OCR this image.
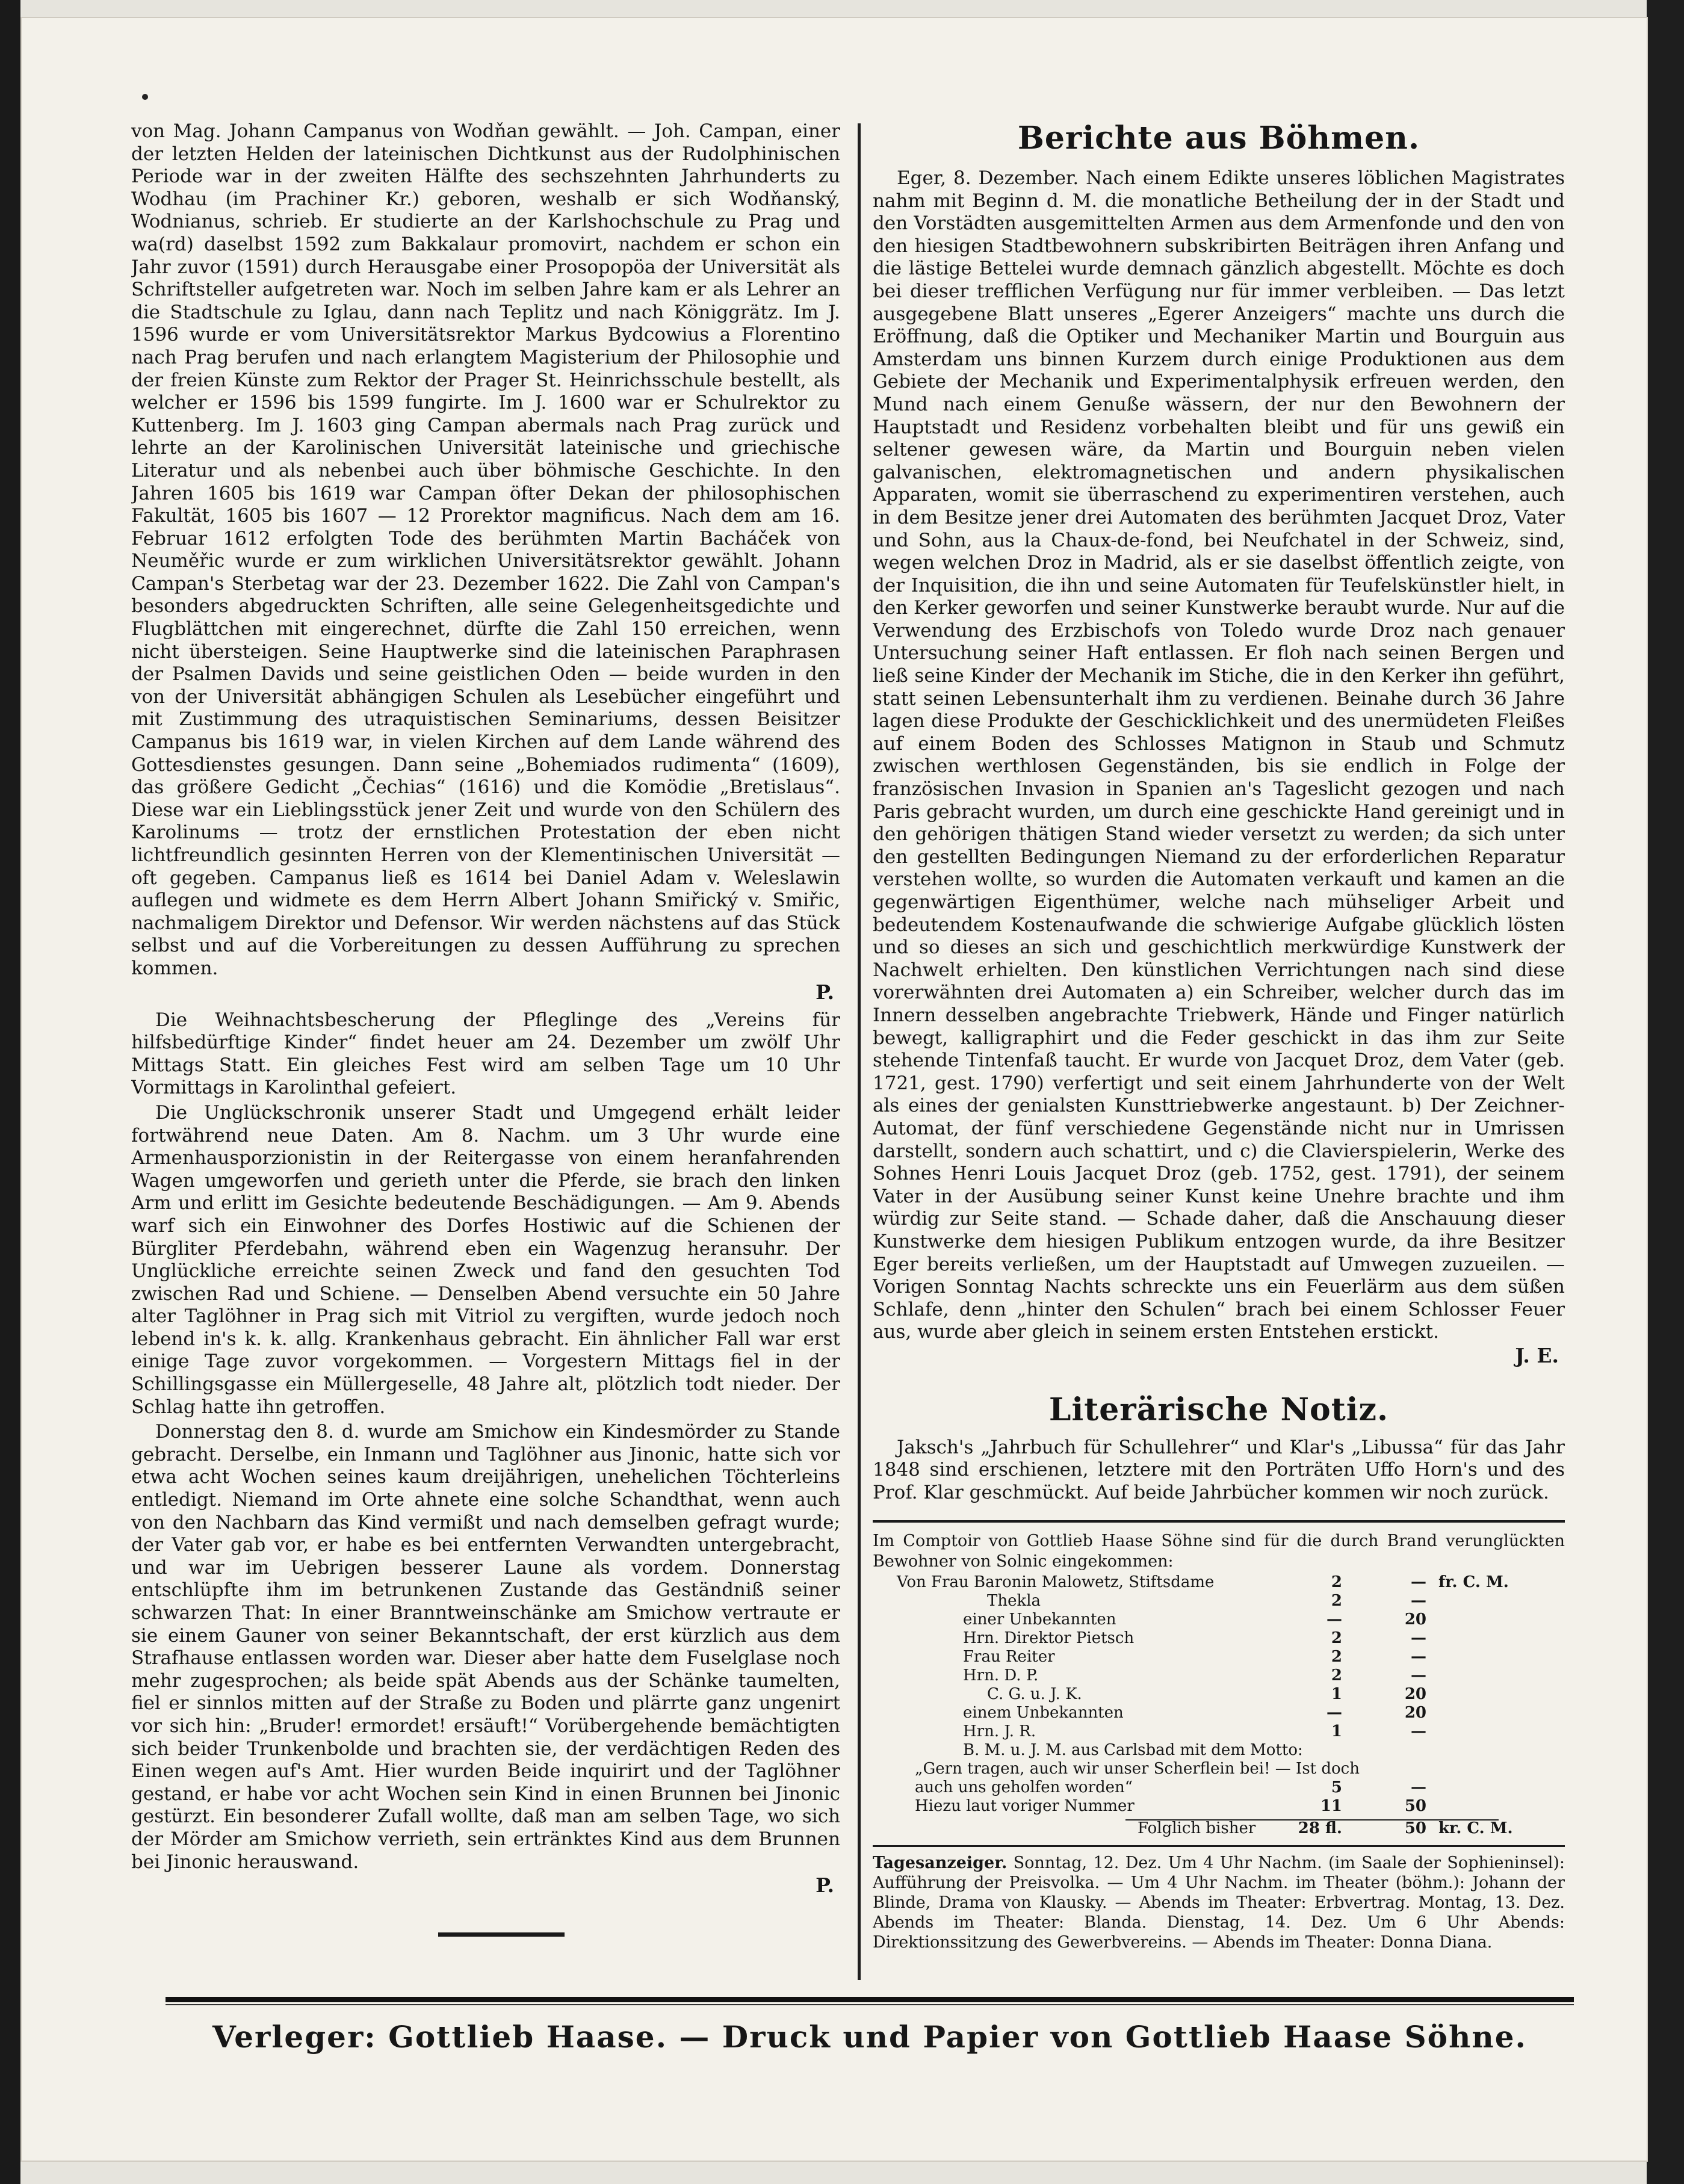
von Mag. Johann Campanus von Wodňan gewählt. — Joh. Campan, einer der letzten Helden der lateinischen Dichtkunst aus der Rudolphinischen Periode war in der zweiten Hälfte des sechszehnten Jahrhunderts zu Wodhau (im Prachiner Kr.) geboren, weshalb er sich Wodňanský, Wodnianus, schrieb. Er studierte an der Karlshochschule zu Prag und wa(rd) daselbst 1592 zum Bakkalaur promovirt, nachdem er schon ein Jahr zuvor (1591) durch Herausgabe einer Prosopopöa der Universität als Schriftsteller aufgetreten war. Noch im selben Jahre kam er als Lehrer an die Stadtschule zu Iglau, dann nach Teplitz und nach Königgrätz. Im J. 1596 wurde er vom Universitätsrektor Markus Bydcowius a Florentino nach Prag berufen und nach erlangtem Magisterium der Philosophie und der freien Künste zum Rektor der Prager St. Heinrichsschule bestellt, als welcher er 1596 bis 1599 fungirte. Im J. 1600 war er Schulrektor zu Kuttenberg. Im J. 1603 ging Campan abermals nach Prag zurück und lehrte an der Karolinischen Universität lateinische und griechische Literatur und als nebenbei auch über böhmische Geschichte. In den Jahren 1605 bis 1619 war Campan öfter Dekan der philosophischen Fakultät, 1605 bis 1607 — 12 Prorektor magnificus. Nach dem am 16. Februar 1612 erfolgten Tode des berühmten Martin Bacháček von Neuměřic wurde er zum wirklichen Universitätsrektor gewählt. Johann Campan's Sterbetag war der 23. Dezember 1622. Die Zahl von Campan's besonders abgedruckten Schriften, alle seine Gelegenheitsgedichte und Flugblättchen mit eingerechnet, dürfte die Zahl 150 erreichen, wenn nicht übersteigen. Seine Hauptwerke sind die lateinischen Paraphrasen der Psalmen Davids und seine geistlichen Oden — beide wurden in den von der Universität abhängigen Schulen als Lesebücher eingeführt und mit Zustimmung des utraquistischen Seminariums, dessen Beisitzer Campanus bis 1619 war, in vielen Kirchen auf dem Lande während des Gottesdienstes gesungen. Dann seine „Bohemiados rudimenta“ (1609), das größere Gedicht „Čechias“ (1616) und die Komödie „Bretislaus“. Diese war ein Lieblingsstück jener Zeit und wurde von den Schülern des Karolinums — trotz der ernstlichen Protestation der eben nicht lichtfreundlich gesinnten Herren von der Klementinischen Universität — oft gegeben. Campanus ließ es 1614 bei Daniel Adam v. Weleslawin auflegen und widmete es dem Herrn Albert Johann Smiřický v. Smiřic, nachmaligem Direktor und Defensor. Wir werden nächstens auf das Stück selbst und auf die Vorbereitungen zu dessen Aufführung zu sprechen kommen.

P.

Die Weihnachtsbescherung der Pfleglinge des „Vereins für hilfsbedürftige Kinder“ findet heuer am 24. Dezember um zwölf Uhr Mittags Statt. Ein gleiches Fest wird am selben Tage um 10 Uhr Vormittags in Karolinthal gefeiert.

Die Unglückschronik unserer Stadt und Umgegend erhält leider fortwährend neue Daten. Am 8. Nachm. um 3 Uhr wurde eine Armenhausporzionistin in der Reitergasse von einem heranfahrenden Wagen umgeworfen und gerieth unter die Pferde, sie brach den linken Arm und erlitt im Gesichte bedeutende Beschädigungen. — Am 9. Abends warf sich ein Einwohner des Dorfes Hostiwic auf die Schienen der Bürgliter Pferdebahn, während eben ein Wagenzug heransuhr. Der Unglückliche erreichte seinen Zweck und fand den gesuchten Tod zwischen Rad und Schiene. — Denselben Abend versuchte ein 50 Jahre alter Taglöhner in Prag sich mit Vitriol zu vergiften, wurde jedoch noch lebend in's k. k. allg. Krankenhaus gebracht. Ein ähnlicher Fall war erst einige Tage zuvor vorgekommen. — Vorgestern Mittags fiel in der Schillingsgasse ein Müllergeselle, 48 Jahre alt, plötzlich todt nieder. Der Schlag hatte ihn getroffen.

Donnerstag den 8. d. wurde am Smichow ein Kindesmörder zu Stande gebracht. Derselbe, ein Inmann und Taglöhner aus Jinonic, hatte sich vor etwa acht Wochen seines kaum dreijährigen, unehelichen Töchterleins entledigt. Niemand im Orte ahnete eine solche Schandthat, wenn auch von den Nachbarn das Kind vermißt und nach demselben gefragt wurde; der Vater gab vor, er habe es bei entfernten Verwandten untergebracht, und war im Uebrigen besserer Laune als vordem. Donnerstag entschlüpfte ihm im betrunkenen Zustande das Geständniß seiner schwarzen That: In einer Branntweinschänke am Smichow vertraute er sie einem Gauner von seiner Bekanntschaft, der erst kürzlich aus dem Strafhause entlassen worden war. Dieser aber hatte dem Fuselglase noch mehr zugesprochen; als beide spät Abends aus der Schänke taumelten, fiel er sinnlos mitten auf der Straße zu Boden und plärrte ganz ungenirt vor sich hin: „Bruder! ermordet! ersäuft!“ Vorübergehende bemächtigten sich beider Trunkenbolde und brachten sie, der verdächtigen Reden des Einen wegen auf's Amt. Hier wurden Beide inquirirt und der Taglöhner gestand, er habe vor acht Wochen sein Kind in einen Brunnen bei Jinonic gestürzt. Ein besonderer Zufall wollte, daß man am selben Tage, wo sich der Mörder am Smichow verrieth, sein ertränktes Kind aus dem Brunnen bei Jinonic herauswand.

P.
Berichte aus Böhmen.

Eger, 8. Dezember. Nach einem Edikte unseres löblichen Magistrates nahm mit Beginn d. M. die monatliche Betheilung der in der Stadt und den Vorstädten ausgemittelten Armen aus dem Armenfonde und den von den hiesigen Stadtbewohnern subskribirten Beiträgen ihren Anfang und die lästige Bettelei wurde demnach gänzlich abgestellt. Möchte es doch bei dieser trefflichen Verfügung nur für immer verbleiben. — Das letzt ausgegebene Blatt unseres „Egerer Anzeigers“ machte uns durch die Eröffnung, daß die Optiker und Mechaniker Martin und Bourguin aus Amsterdam uns binnen Kurzem durch einige Produktionen aus dem Gebiete der Mechanik und Experimentalphysik erfreuen werden, den Mund nach einem Genuße wässern, der nur den Bewohnern der Hauptstadt und Residenz vorbehalten bleibt und für uns gewiß ein seltener gewesen wäre, da Martin und Bourguin neben vielen galvanischen, elektromagnetischen und andern physikalischen Apparaten, womit sie überraschend zu experimentiren verstehen, auch in dem Besitze jener drei Automaten des berühmten Jacquet Droz, Vater und Sohn, aus la Chaux-de-fond, bei Neufchatel in der Schweiz, sind, wegen welchen Droz in Madrid, als er sie daselbst öffentlich zeigte, von der Inquisition, die ihn und seine Automaten für Teufelskünstler hielt, in den Kerker geworfen und seiner Kunstwerke beraubt wurde. Nur auf die Verwendung des Erzbischofs von Toledo wurde Droz nach genauer Untersuchung seiner Haft entlassen. Er floh nach seinen Bergen und ließ seine Kinder der Mechanik im Stiche, die in den Kerker ihn geführt, statt seinen Lebensunterhalt ihm zu verdienen. Beinahe durch 36 Jahre lagen diese Produkte der Geschicklichkeit und des unermüdeten Fleißes auf einem Boden des Schlosses Matignon in Staub und Schmutz zwischen werthlosen Gegenständen, bis sie endlich in Folge der französischen Invasion in Spanien an's Tageslicht gezogen und nach Paris gebracht wurden, um durch eine geschickte Hand gereinigt und in den gehörigen thätigen Stand wieder versetzt zu werden; da sich unter den gestellten Bedingungen Niemand zu der erforderlichen Reparatur verstehen wollte, so wurden die Automaten verkauft und kamen an die gegenwärtigen Eigenthümer, welche nach mühseliger Arbeit und bedeutendem Kostenaufwande die schwierige Aufgabe glücklich lösten und so dieses an sich und geschichtlich merkwürdige Kunstwerk der Nachwelt erhielten. Den künstlichen Verrichtungen nach sind diese vorerwähnten drei Automaten a) ein Schreiber, welcher durch das im Innern desselben angebrachte Triebwerk, Hände und Finger natürlich bewegt, kalligraphirt und die Feder geschickt in das ihm zur Seite stehende Tintenfaß taucht. Er wurde von Jacquet Droz, dem Vater (geb. 1721, gest. 1790) verfertigt und seit einem Jahrhunderte von der Welt als eines der genialsten Kunsttriebwerke angestaunt. b) Der Zeichner-Automat, der fünf verschiedene Gegenstände nicht nur in Umrissen darstellt, sondern auch schattirt, und c) die Clavierspielerin, Werke des Sohnes Henri Louis Jacquet Droz (geb. 1752, gest. 1791), der seinem Vater in der Ausübung seiner Kunst keine Unehre brachte und ihm würdig zur Seite stand. — Schade daher, daß die Anschauung dieser Kunstwerke dem hiesigen Publikum entzogen wurde, da ihre Besitzer Eger bereits verließen, um der Hauptstadt auf Umwegen zuzueilen. — Vorigen Sonntag Nachts schreckte uns ein Feuerlärm aus dem süßen Schlafe, denn „hinter den Schulen“ brach bei einem Schlosser Feuer aus, wurde aber gleich in seinem ersten Entstehen erstickt.

J. E.
Literärische Notiz.

Jaksch's „Jahrbuch für Schullehrer“ und Klar's „Libussa“ für das Jahr 1848 sind erschienen, letztere mit den Porträten Uffo Horn's und des Prof. Klar geschmückt. Auf beide Jahrbücher kommen wir noch zurück.

Im Comptoir von Gottlieb Haase Söhne sind für die durch Brand verunglückten Bewohner von Solnic eingekommen:

Von Frau Baronin Malowetz, Stiftsdame	2	— fr. C. M.
Thekla	2	—
einer Unbekannten	—	20
Hrn. Direktor Pietsch	2	—
Frau Reiter	2	—
Hrn. D. P.	2	—
C. G. u. J. K.	1	20
einem Unbekannten	—	20
Hrn. J. R.	1	—
B. M. u. J. M. aus Carlsbad mit dem Motto:
„Gern tragen, auch wir unser Scherflein bei! — Ist doch
auch uns geholfen worden“	5	—
Hiezu laut voriger Nummer	11	50
Folglich bisher	28 fl.	50 kr. C. M.

Tagesanzeiger. Sonntag, 12. Dez. Um 4 Uhr Nachm. (im Saale der Sophieninsel): Aufführung der Preisvolka. — Um 4 Uhr Nachm. im Theater (böhm.): Johann der Blinde, Drama von Klausky. — Abends im Theater: Erbvertrag. Montag, 13. Dez. Abends im Theater: Blanda. Dienstag, 14. Dez. Um 6 Uhr Abends: Direktionssitzung des Gewerbvereins. — Abends im Theater: Donna Diana.

Verleger: Gottlieb Haase. — Druck und Papier von Gottlieb Haase Söhne.
